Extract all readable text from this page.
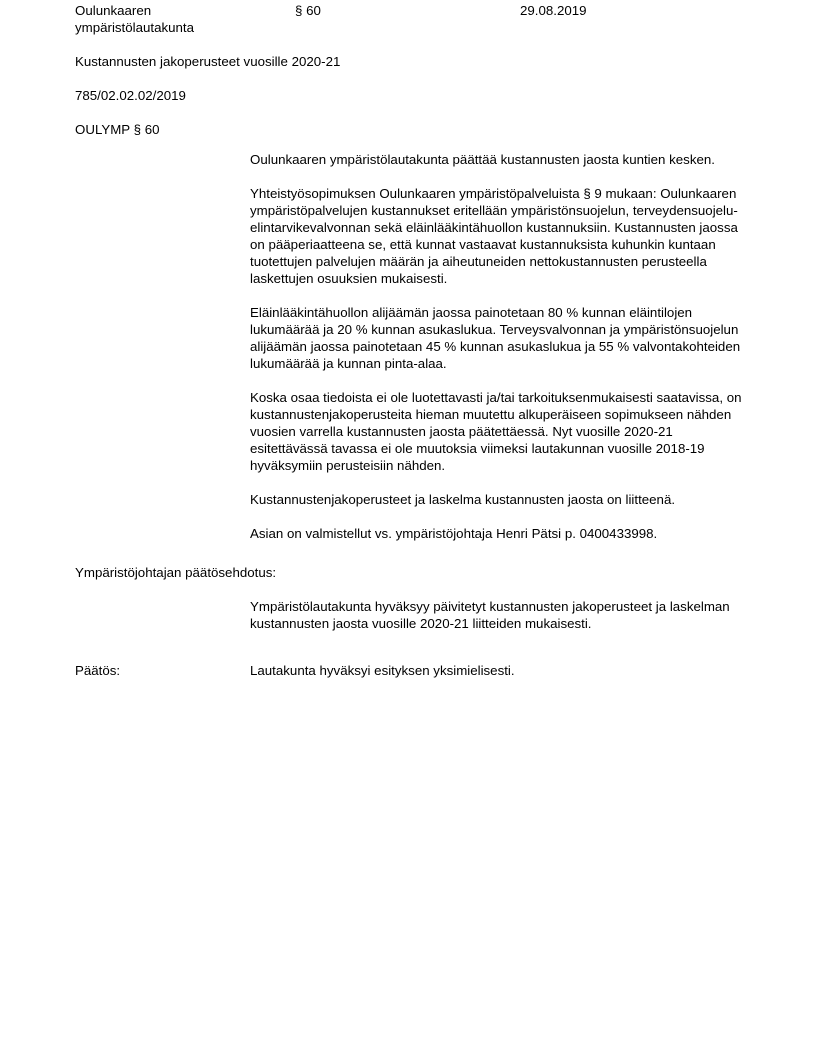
Oulunkaaren ympäristölautakunta
§ 60	29.08.2019
Kustannusten jakoperusteet vuosille 2020-21
785/02.02.02/2019
OULYMP § 60

Oulunkaaren ympäristölautakunta päättää kustannusten jaosta kuntien kesken.

Yhteistyösopimuksen Oulunkaaren ympäristöpalveluista § 9 mukaan: Oulunkaaren ympäristöpalvelujen kustannukset eritellään ympäristönsuojelun, terveydensuojelu-elintarvikevalvonnan sekä eläinlääkintähuollon kustannuksiin. Kustannusten jaossa on pääperiaatteena se, että kunnat vastaavat kustannuksista kuhunkin kuntaan tuotettujen palvelujen määrän ja aiheutuneiden nettokustannusten perusteella laskettujen osuuksien mukaisesti.

Eläinlääkintähuollon alijäämän jaossa painotetaan 80 % kunnan eläintilojen lukumäärää ja 20 % kunnan asukaslukua. Terveysvalvonnan ja ympäristönsuojelun alijäämän jaossa painotetaan 45 % kunnan asukaslukua ja 55 % valvontakohteiden lukumäärää ja kunnan pinta-alaa.

Koska osaa tiedoista ei ole luotettavasti ja/tai tarkoituksenmukaisesti saatavissa, on kustannustenjakoperusteita hieman muutettu alkuperäiseen sopimukseen nähden vuosien varrella kustannusten jaosta päätettäessä. Nyt vuosille 2020-21 esitettävässä tavassa ei ole muutoksia viimeksi lautakunnan vuosille 2018-19 hyväksymiin perusteisiin nähden.

Kustannustenjakoperusteet ja laskelma kustannusten jaosta on liitteenä.

Asian on valmistellut vs. ympäristöjohtaja Henri Pätsi p. 0400433998.

Ympäristöjohtajan päätösehdotus:

Ympäristölautakunta hyväksyy päivitetyt kustannusten jakoperusteet ja laskelman kustannusten jaosta vuosille 2020-21 liitteiden mukaisesti.

Päätös:	Lautakunta hyväksyi esityksen yksimielisesti.
